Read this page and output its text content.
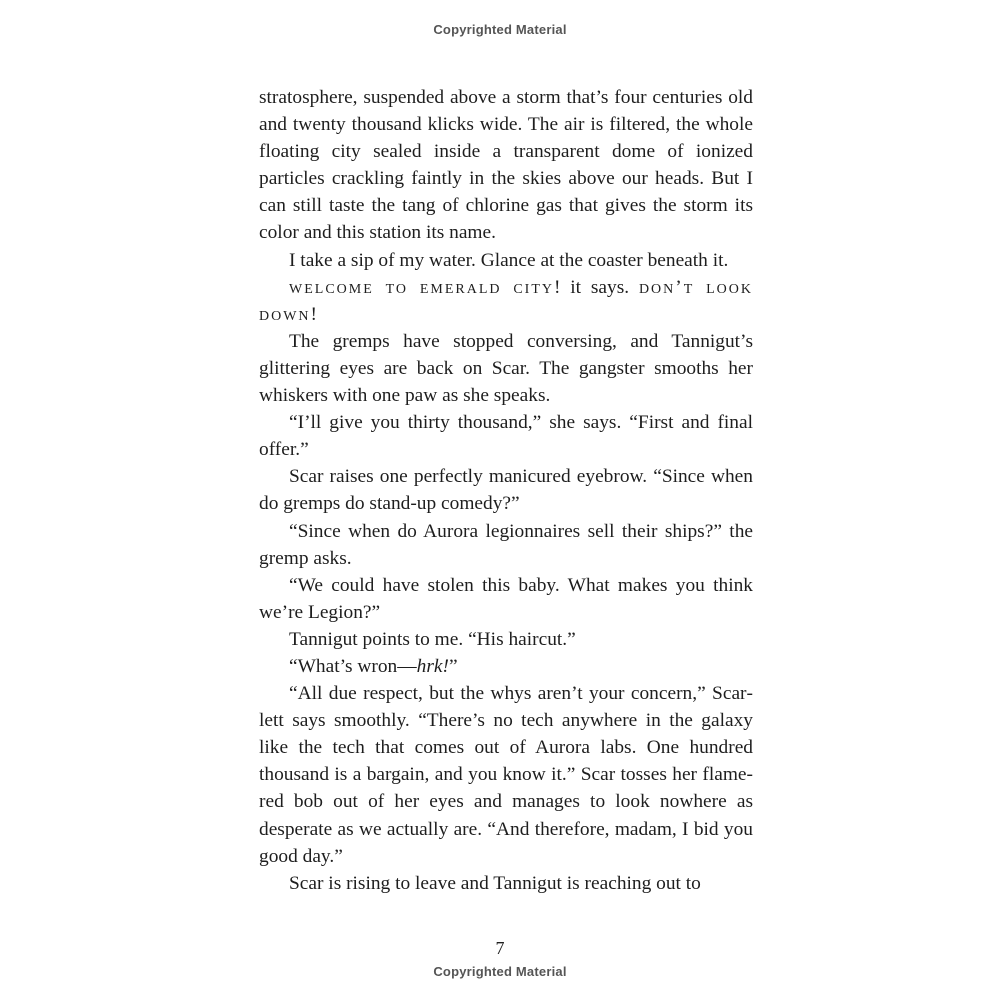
Copyrighted Material

stratosphere, suspended above a storm that’s four centuries old and twenty thousand klicks wide. The air is filtered, the whole floating city sealed inside a transparent dome of ionized particles crackling faintly in the skies above our heads. But I can still taste the tang of chlorine gas that gives the storm its color and this station its name.

I take a sip of my water. Glance at the coaster beneath it.

welcome to emerald city! it says. don’t look down!

The gremps have stopped conversing, and Tannigut’s glittering eyes are back on Scar. The gangster smooths her whiskers with one paw as she speaks.

“I’ll give you thirty thousand,” she says. “First and final offer.”

Scar raises one perfectly manicured eyebrow. “Since when do gremps do stand-up comedy?”

“Since when do Aurora legionnaires sell their ships?” the gremp asks.

“We could have stolen this baby. What makes you think we’re Legion?”

Tannigut points to me. “His haircut.”

“What’s wron—hrk!”

“All due respect, but the whys aren’t your concern,” Scarlett says smoothly. “There’s no tech anywhere in the galaxy like the tech that comes out of Aurora labs. One hundred thousand is a bargain, and you know it.” Scar tosses her flame-red bob out of her eyes and manages to look nowhere as desperate as we actually are. “And therefore, madam, I bid you good day.”

Scar is rising to leave and Tannigut is reaching out to

7
Copyrighted Material
